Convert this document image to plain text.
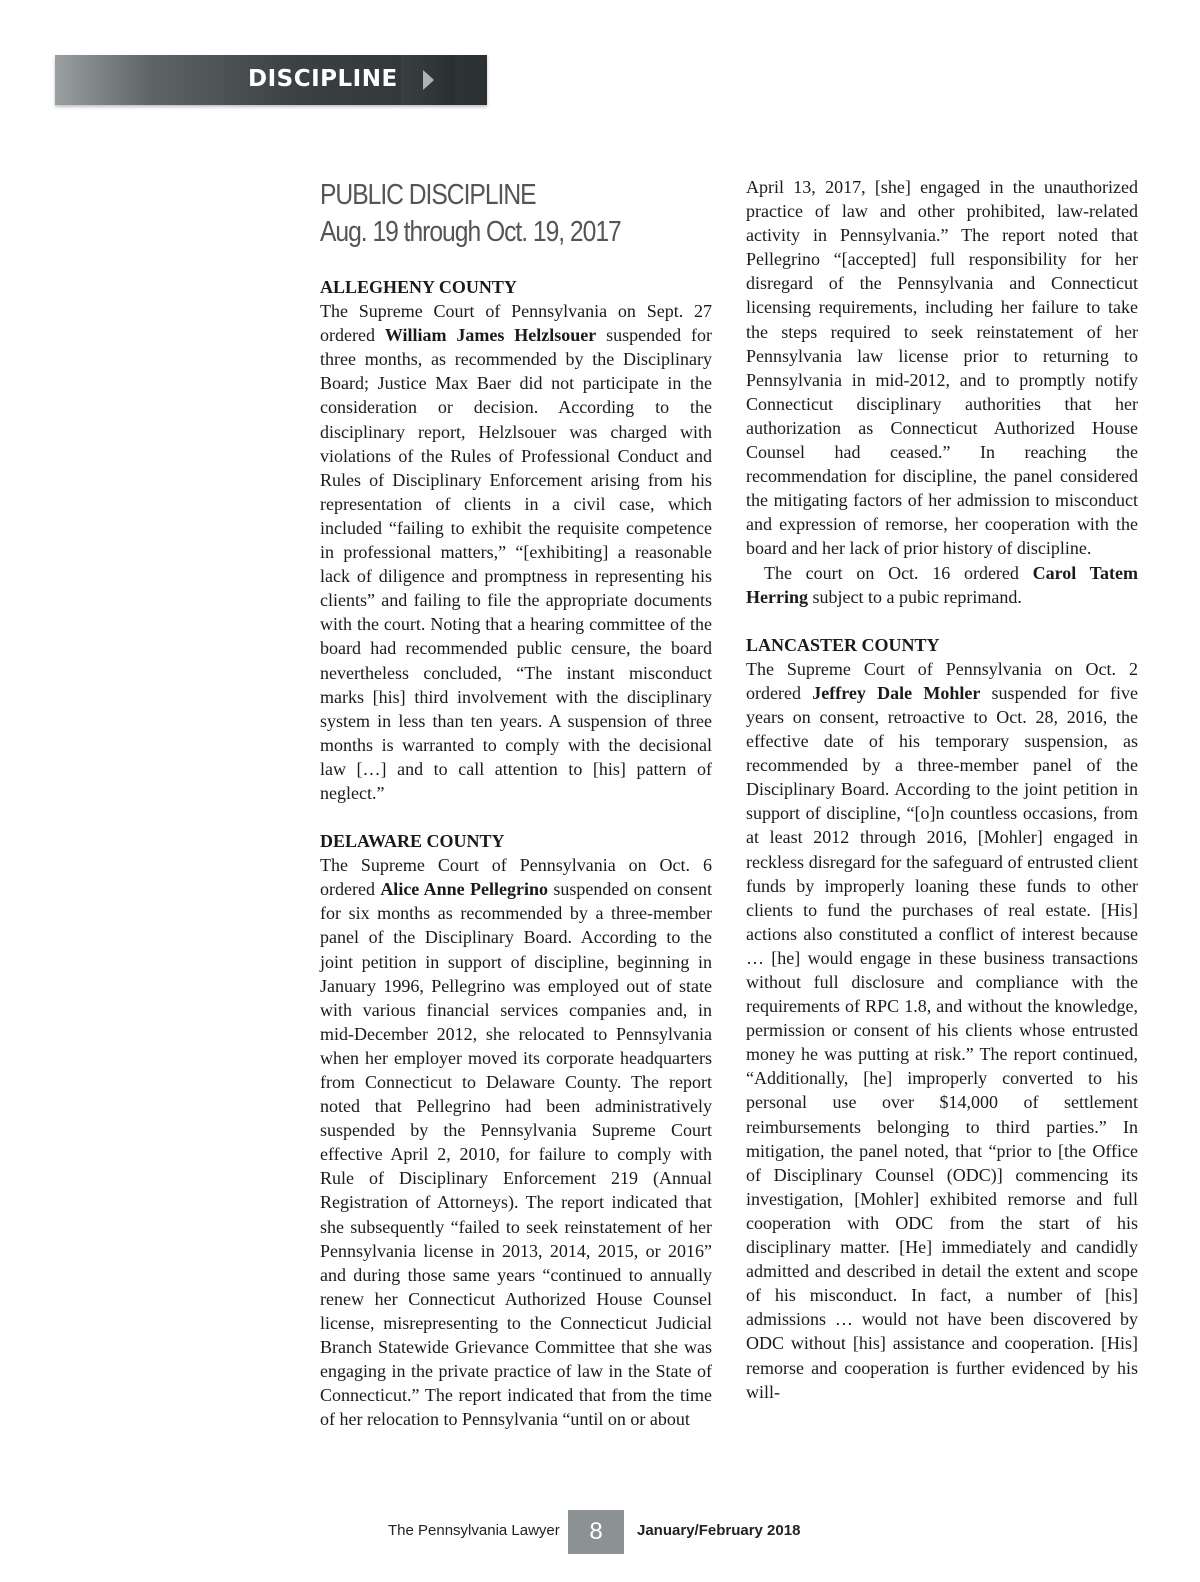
DISCIPLINE
PUBLIC DISCIPLINE
Aug. 19 through Oct. 19, 2017

ALLEGHENY COUNTY

The Supreme Court of Pennsylvania on Sept. 27 ordered William James Helzlsouer suspended for three months, as recommended by the Disciplinary Board; Justice Max Baer did not participate in the consideration or decision. According to the disciplinary report, Helzlsouer was charged with violations of the Rules of Professional Conduct and Rules of Disciplinary Enforcement arising from his representation of clients in a civil case, which included “failing to exhibit the requisite competence in professional matters,” “[exhibiting] a reasonable lack of diligence and promptness in representing his clients” and failing to file the appropriate documents with the court. Noting that a hearing committee of the board had recommended public censure, the board nevertheless concluded, “The instant misconduct marks [his] third involvement with the disciplinary system in less than ten years. A suspension of three months is warranted to comply with the decisional law […] and to call attention to [his] pattern of neglect.”

DELAWARE COUNTY

The Supreme Court of Pennsylvania on Oct. 6 ordered Alice Anne Pellegrino suspended on consent for six months as recommended by a three-member panel of the Disciplinary Board. According to the joint petition in support of discipline, beginning in January 1996, Pellegrino was employed out of state with various financial services companies and, in mid-December 2012, she relocated to Pennsylvania when her employer moved its corporate headquarters from Connecticut to Delaware County. The report noted that Pellegrino had been administratively suspended by the Pennsylvania Supreme Court effective April 2, 2010, for failure to comply with Rule of Disciplinary Enforcement 219 (Annual Registration of Attorneys). The report indicated that she subsequently “failed to seek reinstatement of her Pennsylvania license in 2013, 2014, 2015, or 2016” and during those same years “continued to annually renew her Connecticut Authorized House Counsel license, misrepresenting to the Connecticut Judicial Branch Statewide Grievance Committee that she was engaging in the private practice of law in the State of Connecticut.” The report indicated that from the time of her relocation to Pennsylvania “until on or about

April 13, 2017, [she] engaged in the unauthorized practice of law and other prohibited, law-related activity in Pennsylvania.” The report noted that Pellegrino “[accepted] full responsibility for her disregard of the Pennsylvania and Connecticut licensing requirements, including her failure to take the steps required to seek reinstatement of her Pennsylvania law license prior to returning to Pennsylvania in mid-2012, and to promptly notify Connecticut disciplinary authorities that her authorization as Connecticut Authorized House Counsel had ceased.” In reaching the recommendation for discipline, the panel considered the mitigating factors of her admission to misconduct and expression of remorse, her cooperation with the board and her lack of prior history of discipline.

The court on Oct. 16 ordered Carol Tatem Herring subject to a pubic reprimand.

LANCASTER COUNTY

The Supreme Court of Pennsylvania on Oct. 2 ordered Jeffrey Dale Mohler suspended for five years on consent, retroactive to Oct. 28, 2016, the effective date of his temporary suspension, as recommended by a three-member panel of the Disciplinary Board. According to the joint petition in support of discipline, “[o]n countless occasions, from at least 2012 through 2016, [Mohler] engaged in reckless disregard for the safeguard of entrusted client funds by improperly loaning these funds to other clients to fund the purchases of real estate. [His] actions also constituted a conflict of interest because … [he] would engage in these business transactions without full disclosure and compliance with the requirements of RPC 1.8, and without the knowledge, permission or consent of his clients whose entrusted money he was putting at risk.” The report continued, “Additionally, [he] improperly converted to his personal use over $14,000 of settlement reimbursements belonging to third parties.” In mitigation, the panel noted, that “prior to [the Office of Disciplinary Counsel (ODC)] commencing its investigation, [Mohler] exhibited remorse and full cooperation with ODC from the start of his disciplinary matter. [He] immediately and candidly admitted and described in detail the extent and scope of his misconduct. In fact, a number of [his] admissions … would not have been discovered by ODC without [his] assistance and cooperation. [His] remorse and cooperation is further evidenced by his will-

The Pennsylvania Lawyer	8	January/February 2018
